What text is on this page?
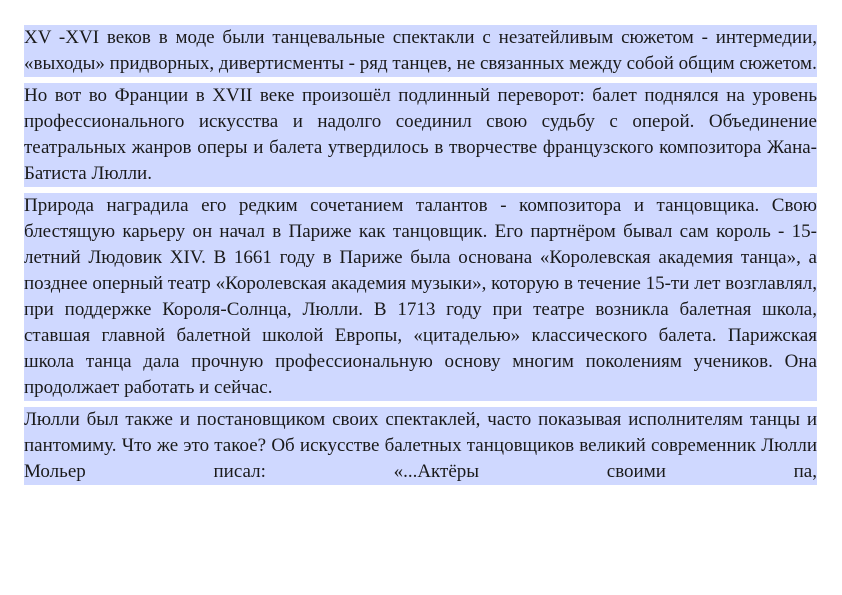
XV -XVI веков в моде были танцевальные спектакли с незатейливым сюжетом - интермедии, «выходы» придворных, дивертисменты - ряд танцев, не связанных между собой общим сюжетом.

Но вот во Франции в XVII веке произошёл подлинный переворот: балет поднялся на уровень профессионального искусства и надолго соединил свою судьбу с оперой. Объединение театральных жанров оперы и балета утвердилось в творчестве французского композитора Жана-Батиста Люлли.

Природа наградила его редким сочетанием талантов - композитора и танцовщика. Свою блестящую карьеру он начал в Париже как танцовщик. Его партнёром бывал сам король - 15-летний Людовик XIV. В 1661 году в Париже была основана «Королевская академия танца», а позднее оперный театр «Королевская академия музыки», которую в течение 15-ти лет возглавлял, при поддержке Короля-Солнца, Люлли. В 1713 году при театре возникла балетная школа, ставшая главной балетной школой Европы, «цитаделью» классического балета. Парижская школа танца дала прочную профессиональную основу многим поколениям учеников. Она продолжает работать и сейчас.

Люлли был также и постановщиком своих спектаклей, часто показывая исполнителям танцы и пантомиму. Что же это такое? Об искусстве балетных танцовщиков великий современник Люлли Мольер писал: «...Актёры своими па,
